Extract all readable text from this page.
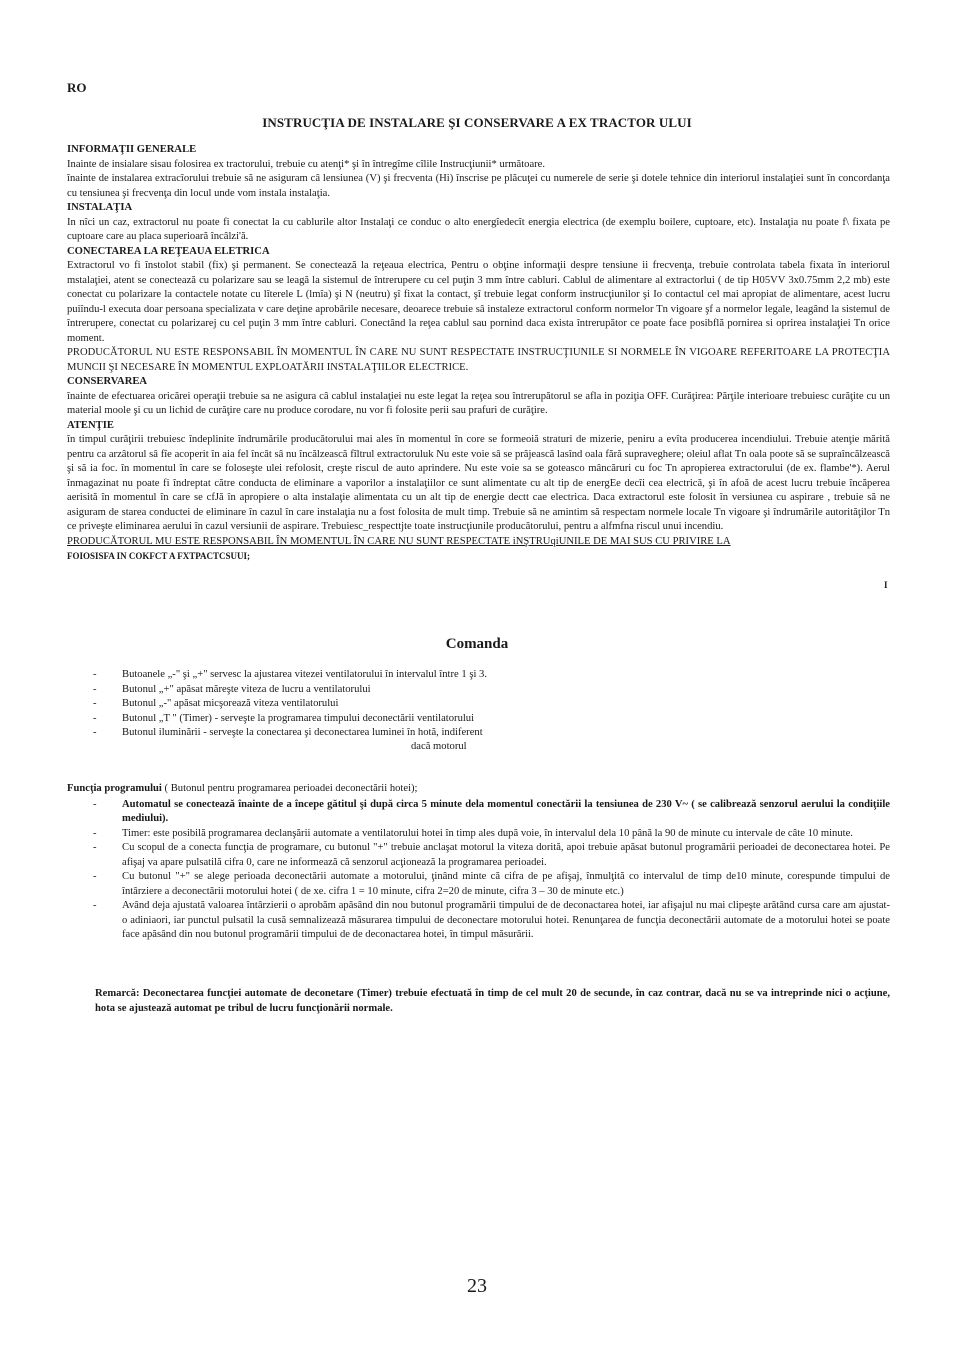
RO
INSTRUCŢIA DE INSTALARE ŞI CONSERVARE A EX TRACTOR ULUI

INFORMAŢII GENERALE

Inainte de insialare sisau folosirea ex tractorului, trebuie cu atenţi* şi în întregîme cîlile Instrucţiunii* următoare.

înainte de instalarea extracîorului trebuie să ne asiguram câ lensiunea (V) şi frecventa (Hi) înscrise pe plăcuţei cu numerele de serie şi dotele tehnice din interiorul instalaţiei sunt în concordanţa cu tensiunea şi frecvenţa din locul unde vom instala instalaţia.

INSTALAŢIA

In nîci un caz, extractorul nu poate fi conectat la cu cablurile altor Instalaţi ce conduc o alto energîedecît energia electrica (de exemplu boilere, cuptoare, etc). Instalaţia nu poate f\ fixata pe cuptoare care au placa superioară încâlzi'ă.

CONECTAREA LA REŢEAUA ELETRICA

Extractorul vo fi înstolot stabil (fix) şi permanent. Se conectează la reţeaua electrica, Pentru o obţine informaţii despre tensiune ii frecvenţa, trebuie controlata tabela fixata în interiorul mstalaţiei, atent se conectează cu polarizare sau se leagă la sistemul de întrerupere cu cel puţin 3 mm între cabluri. Cablul de alimentare al extractorlui ( de tip H05VV 3x0.75mm 2,2 mb) este conectat cu polarizare la contactele notate cu lîterele L (lmîa) şi N (neutru) şî fixat la contact, şî trebuie legat conform instrucţiunilor şi Io contactul cel mai apropiat de alimentare, acest lucru puiîndu-l executa doar persoana specializata v care deţine aprobările necesare, deoarece trebuie sâ instaleze extractorul conform normelor Tn vigoare şf a normelor legale, leagând la sistemul de întrerupere, conectat cu polarizarej cu cel puţin 3 mm între cabluri. Conectând la reţea cablul sau pornind daca exista întrerupător ce poate face posibflă pornirea si oprirea instalaţiei Tn orice moment.

PRODUCĂTORUL NU ESTE RESPONSABIL ÎN MOMENTUL ÎN CARE NU SUNT RESPECTATE INSTRUCŢIUNILE SI NORMELE ÎN VIGOARE REFERITOARE LA PROTECŢIA MUNCII ŞI NECESARE ÎN MOMENTUL EXPLOATĂRII INSTALAŢIILOR ELECTRICE.

CONSERVAREA

înainte de efectuarea oricărei operaţii trebuie sa ne asigura câ cablul instalaţiei nu este legat la reţea sou întrerupătorul se afla in poziţia OFF. Curăţirea: Părţile interioare trebuiesc curăţite cu un material moole şi cu un lichid de curăţire care nu produce corodare, nu vor fi folosite perii sau prafuri de curăţire.

ATENŢIE

în timpul curăţirii trebuiesc îndeplinite îndrumările producătorului mai ales în momentul în core se formeoiă straturi de mizerie, peniru a evîta producerea incendiului. Trebuie atenţie mărită pentru ca arzâtorul sâ fîe acoperit în aia fel încât sâ nu încălzească fîltrul extractoruluk Nu este voie sâ se prăjească lasînd oala fără supraveghere; oleiul aflat Tn oala poote să se supraîncălzească şi să ia foc. în momentul în care se foloseşte ulei refolosit, creşte riscul de auto aprindere. Nu este voie sa se goteasco mâncăruri cu foc Tn apropierea extractorului (de ex. flambe'*). Aerul înmagazinat nu poate fi îndreptat către conducta de eliminare a vaporilor a instalaţiilor ce sunt alimentate cu alt tip de energEe decîi cea electrică, şi în afoă de acest lucru trebuie încăperea aerisită în momentul în care se cfJă în apropiere o alta instalaţie alimentata cu un alt tip de energie dectt cae electrica. Daca extractorul este folosit în versiunea cu aspirare , trebuie să ne asiguram de starea conductei de eliminare în cazul în care instalaţia nu a fost folosita de mult timp. Trebuie să ne amintim să respectam normele locale Tn vigoare şi îndrumările autorităţilor Tn ce priveşte eliminarea aerului în cazul versiunii de aspirare. Trebuiesc_respecttjte toate instrucţiunile producătorului, pentru a alfmfna riscul unui incendiu.

PRODUCĂTORUL MU ESTE RESPONSABIL ÎN MOMENTUL ÎN CARE NU SUNT RESPECTATE iNŞTRUqiUNILE DE MAI SUS CU PRIVIRE LA

FOIOSISFA IN COKFCT A FXTPACTCSUUI;

I
Comanda
- Butoanele „-" şi „+" servesc la ajustarea vitezei ventilatorului în intervalul între 1 şi 3.
- Butonul „+" apăsat măreşte viteza de lucru a ventilatorului
- Butonul „-" apăsat micşorează viteza ventilatorului
- Butonul „T " (Timer) - serveşte la programarea timpului deconectării ventilatorului
- Butonul iluminării - serveşte la conectarea şi deconectarea luminei în hotă, indiferent
dacă motorul

Funcţia programului ( Butonul pentru programarea perioadei deconectării hotei);

- Automatul se conectează înainte de a începe gătitul şi după circa 5 minute dela momentul conectării la tensiunea de 230 V~ ( se calibrează senzorul aerului la condiţiile mediului).
- Timer: este posibilă programarea declanşării automate a ventilatorului hotei în timp ales după voie, în intervalul dela 10 până la 90 de minute cu intervale de câte 10 minute.
- Cu scopul de a conecta funcţia de programare, cu butonul "+" trebuie anclaşat motorul la viteza dorită, apoi trebuie apăsat butonul programării perioadei de deconectarea hotei. Pe afişaj va apare pulsatilă cifra 0, care ne informează că senzorul acţionează la programarea perioadei.
- Cu butonul "+" se alege perioada deconectării automate a motorului, ţinând minte că cifra de pe afişaj, înmulţită co intervalul de timp de10 minute, corespunde timpului de întârziere a deconectării motorului hotei ( de xe. cifra 1 = 10 minute, cifra 2=20 de minute, cifra 3 – 30 de minute etc.)
- Având deja ajustată valoarea întârzierii o aprobăm apăsând din nou butonul programării timpului de de deconactarea hotei, iar afişajul nu mai clipeşte arătând cursa care am ajustat-o adiniaori, iar punctul pulsatil la cusă semnalizează măsurarea timpului de deconectare motorului hotei. Renunţarea de funcţia deconectării automate de a motorului hotei se poate face apăsând din nou butonul programării timpului de de deconactarea hotei, în timpul măsurării.
Remarcă: Deconectarea funcţiei automate de deconetare (Timer) trebuie efectuată în timp de cel mult 20 de secunde, în caz contrar, dacă nu se va intreprinde nici o acţiune, hota se ajustează automat pe tribul de lucru funcţionării normale.
23
